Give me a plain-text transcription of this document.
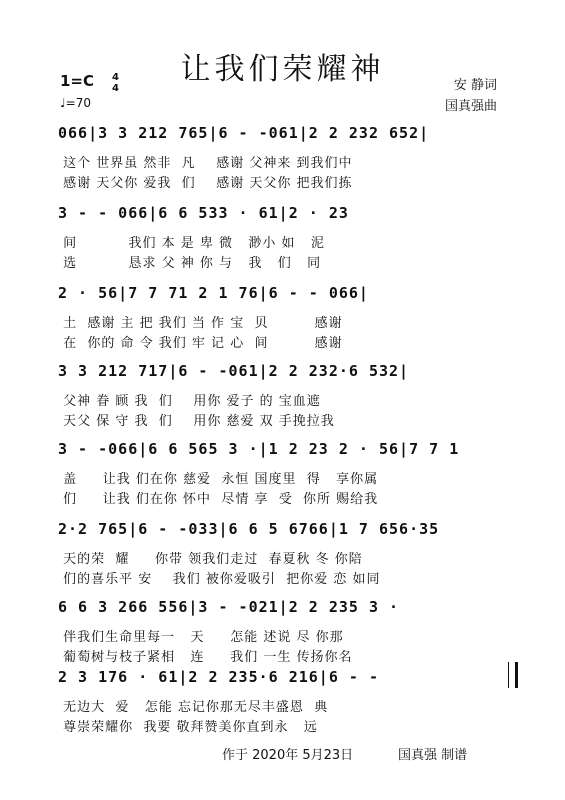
让我们荣耀神
1=C 4
4
♩=70
安 静词
国真强曲
066|3 3 212 765|6 - -061|2 2 232 652|
这个 世界虽 然非  凡    感谢 父神来 到我们中
感谢 天父你 爱我  们    感谢 天父你 把我们拣
3 - - 066|6 6 533 · 61|2 · 23
间          我们 本 是 卑 微   渺小 如   泥
选          恳求 父 神 你 与   我   们   同
2 · 56|7 7 71 2 1 76|6 - - 066|
土  感谢 主 把 我们 当 作 宝  贝         感谢
在  你的 命 令 我们 牢 记 心  间         感谢
3 3 212 717|6 - -061|2 2 232·6 532|
父神 眷 顾 我  们    用你 爱子 的 宝血遮
天父 保 守 我  们    用你 慈爱 双 手挽拉我
3 - -066|6 6 565 3 ·|1 2 23 2 · 56|7 7 1
盖     让我 们在你 慈爱  永恒 国度里  得   享你属
们     让我 们在你 怀中  尽情 享  受  你所 赐给我
2·2 765|6 - -033|6 6 5 6766|1 7 656·35
天的荣  耀     你带 领我们走过  春夏秋 冬 你陪
们的喜乐平 安    我们 被你爱吸引  把你爱 恋 如同
6 6 3 266 556|3 - -021|2 2 235 3 ·
伴我们生命里每一   天     怎能 述说 尽 你那
葡萄树与枝子紧相   连     我们 一生 传扬你名
2 3 176 · 61|2 2 235·6 216|6 - -
无边大  爱   怎能 忘记你那无尽丰盛恩  典
尊崇荣耀你  我要 敬拜赞美你直到永   远
作于 2020年 5月23日	国真强 制谱
